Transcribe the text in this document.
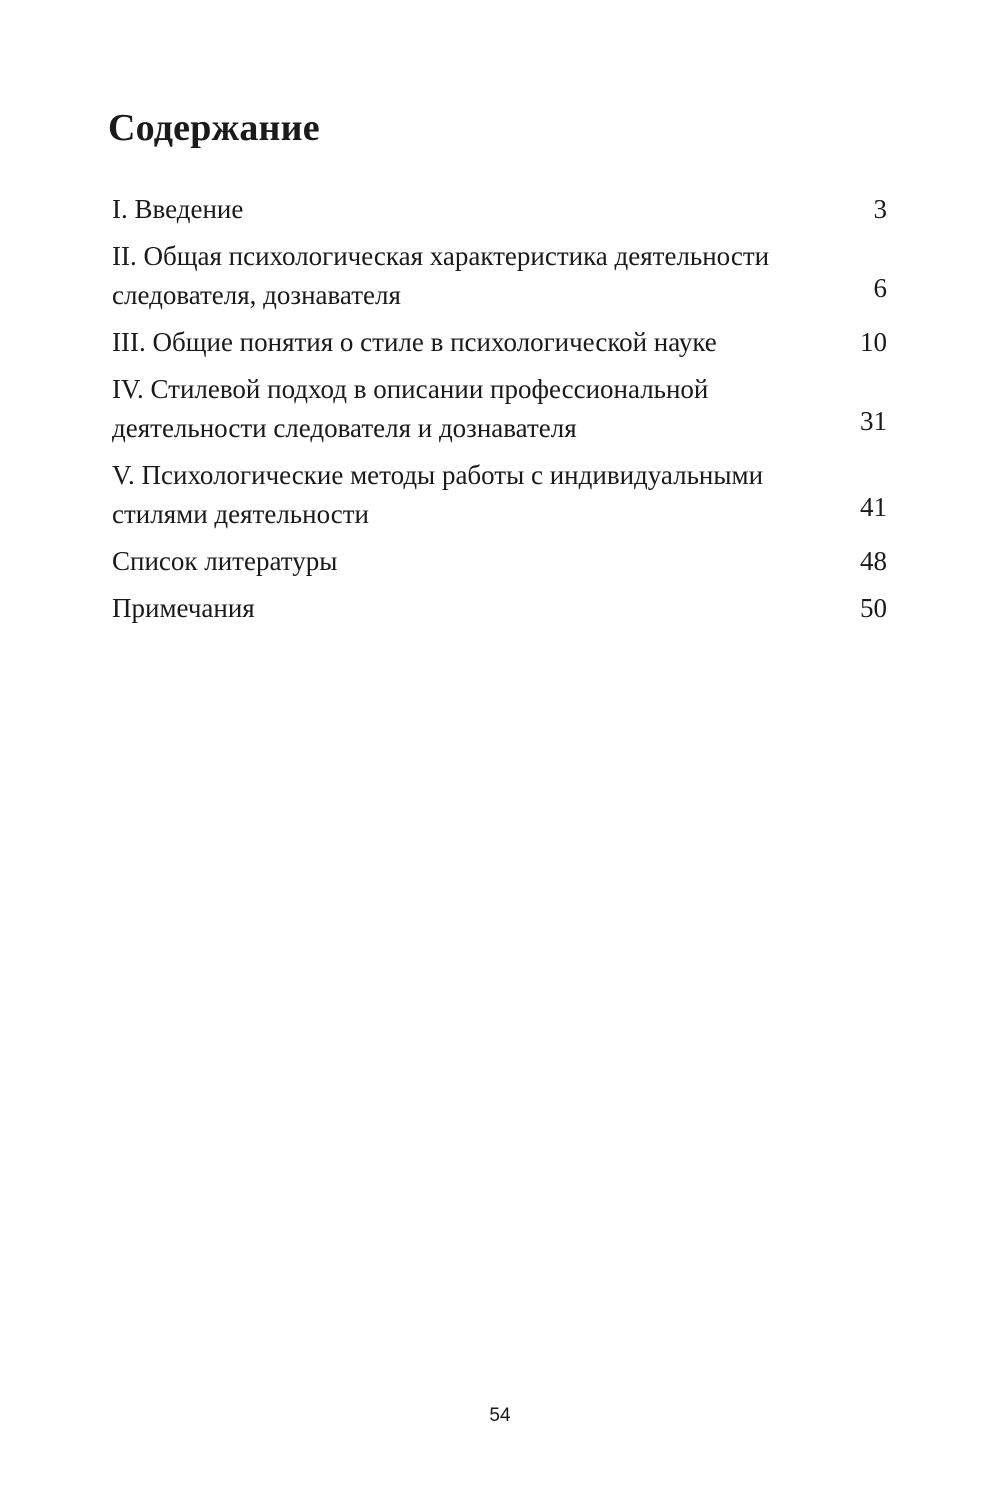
Содержание
I. Введение	3
II. Общая психологическая характеристика деятельности
следователя, дознавателя	6
III. Общие понятия о стиле в психологической науке	10
IV. Стилевой подход в описании профессиональной
деятельности следователя и дознавателя	31
V. Психологические методы работы с индивидуальными
стилями деятельности	41
Список литературы	48
Примечания	50
54
